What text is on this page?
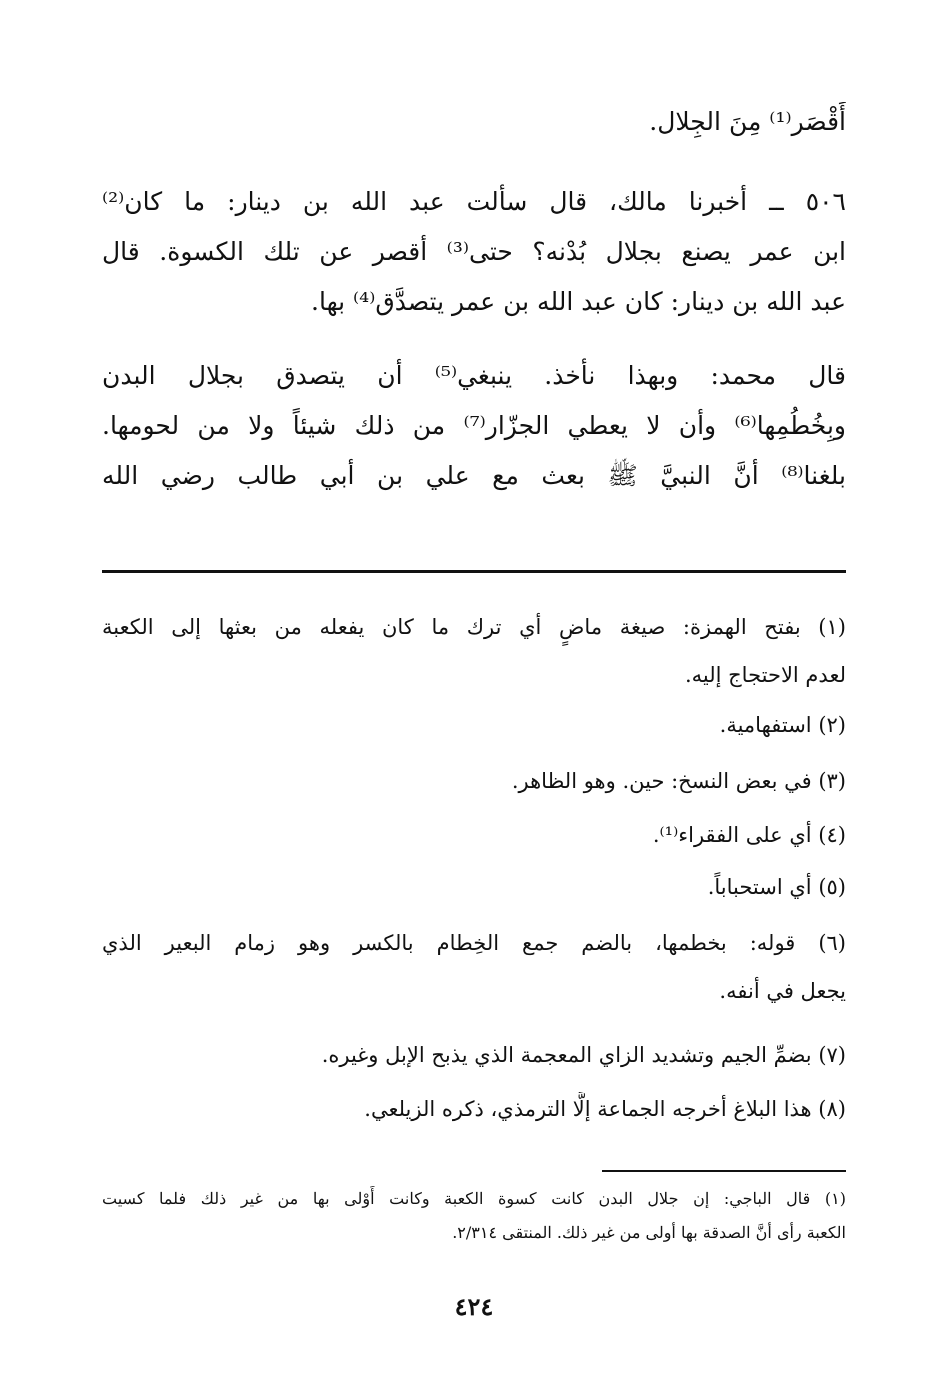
أَقْصَر⁽¹⁾ مِنَ الجِلال.
٥٠٦ ــ أخبرنا مالك، قال سألت عبد الله بن دينار: ما كان⁽²⁾
ابن عمر يصنع بجلال بُدْنه؟ حتى⁽³⁾ أقصر عن تلك الكسوة. قال
عبد الله بن دينار: كان عبد الله بن عمر يتصدَّق⁽⁴⁾ بها.
قال محمد: وبهذا نأخذ. ينبغي⁽⁵⁾ أن يتصدق بجلال البدن
وبِخُطُمِها⁽⁶⁾ وأن لا يعطي الجزّار⁽⁷⁾ من ذلك شيئاً ولا من لحومها.
بلغنا⁽⁸⁾ أنَّ النبيَّ ﷺ بعث مع علي بن أبي طالب رضي الله
(١) بفتح الهمزة: صيغة ماضٍ أي ترك ما كان يفعله من بعثها إلى الكعبة
لعدم الاحتجاج إليه.
(٢) استفهامية.
(٣) في بعض النسخ: حين. وهو الظاهر.
(٤) أي على الفقراء⁽¹⁾.
(٥) أي استحباباً.
(٦) قوله: بخطمها، بالضم جمع الخِطام بالكسر وهو زمام البعير الذي
يجعل في أنفه.
(٧) بضمِّ الجيم وتشديد الزاي المعجمة الذي يذبح الإبل وغيره.
(٨) هذا البلاغ أخرجه الجماعة إلَّا الترمذي، ذكره الزيلعي.
(١) قال الباجي: إن جلال البدن كانت كسوة الكعبة وكانت أَوْلى بها من غير ذلك فلما كسيت
الكعبة رأى أنَّ الصدقة بها أولى من غير ذلك. المنتقى ٢/٣١٤.
٤٢٤
